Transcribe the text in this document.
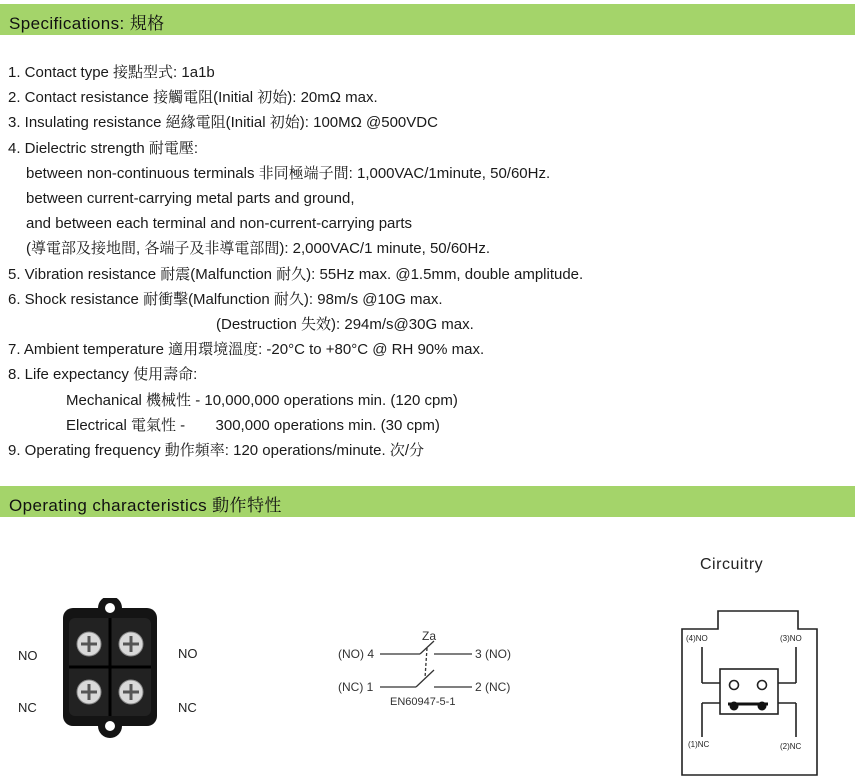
Specifications: 規格
1. Contact type 接點型式: 1a1b
2. Contact resistance 接觸電阻(Initial 初始): 20mΩ max.
3. Insulating resistance 絕緣電阻(Initial 初始): 100MΩ @500VDC
4. Dielectric strength 耐電壓:
between non-continuous terminals 非同極端子間: 1,000VAC/1minute, 50/60Hz.
between current-carrying metal parts and ground,
and between each terminal and non-current-carrying parts
(導電部及接地間, 各端子及非導電部間): 2,000VAC/1 minute, 50/60Hz.
5. Vibration resistance 耐震(Malfunction 耐久): 55Hz max. @1.5mm, double amplitude.
6. Shock resistance 耐衝擊(Malfunction 耐久): 98m/s @10G max.
(Destruction 失效): 294m/s@30G max.
7. Ambient temperature 適用環境溫度: -20°C to +80°C @ RH 90% max.
8. Life expectancy 使用壽命:
Mechanical 機械性 - 10,000,000 operations min. (120 cpm)
Electrical 電氣性 - 300,000 operations min. (30 cpm)
9. Operating frequency 動作頻率: 120 operations/minute. 次/分
Operating characteristics 動作特性
NO	NO
NC	NC
Za
(NO) 4	3 (NO)
(NC) 1	2 (NC)
EN60947-5-1
Circuitry
(4)NO	(3)NO
(1)NC	(2)NC
